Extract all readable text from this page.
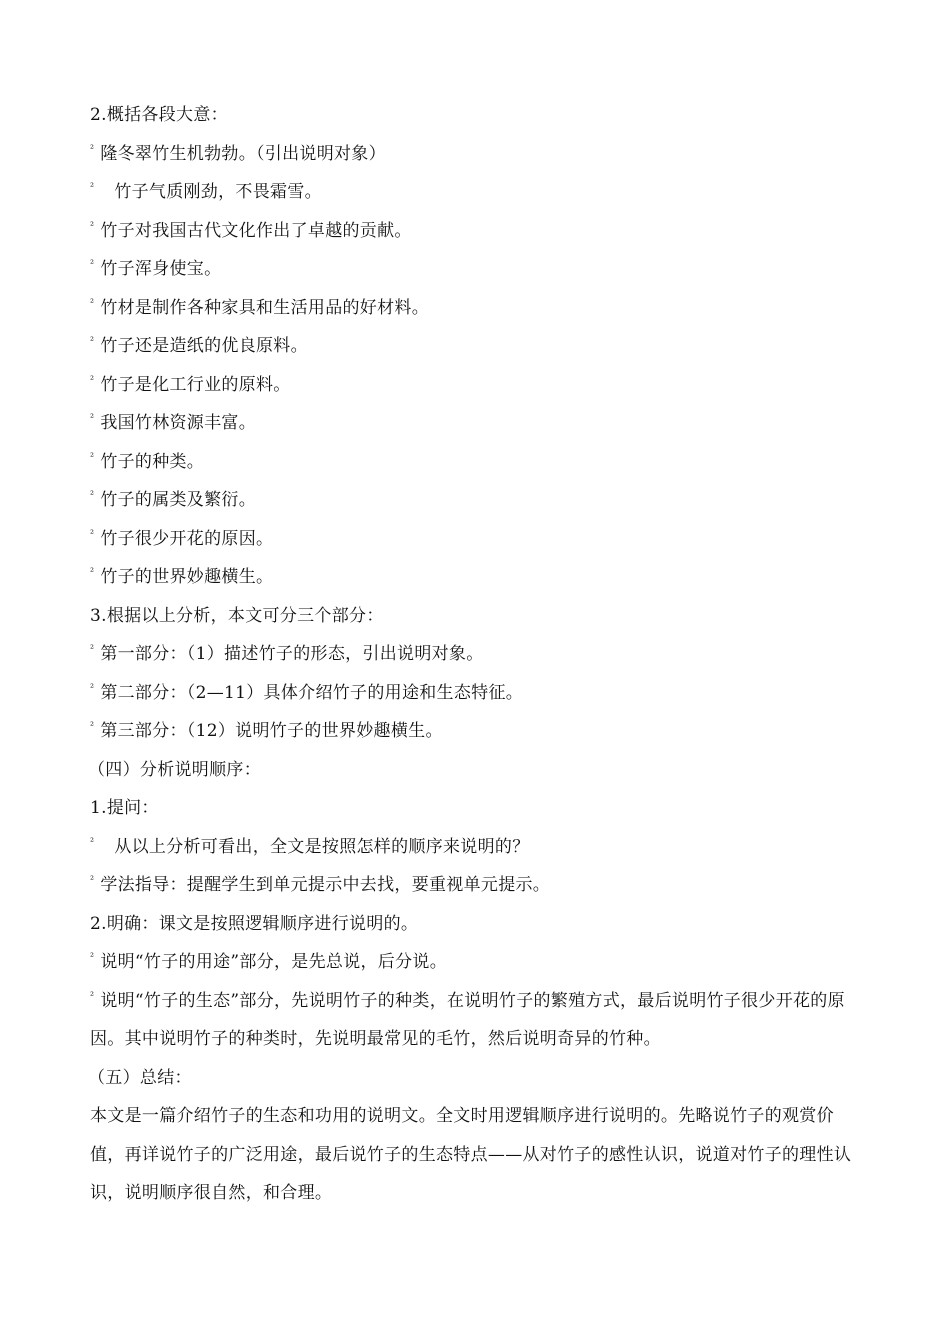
2.概括各段大意：
² 隆冬翠竹生机勃勃。（引出说明对象）
² 竹子气质刚劲，不畏霜雪。
² 竹子对我国古代文化作出了卓越的贡献。
² 竹子浑身使宝。
² 竹材是制作各种家具和生活用品的好材料。
² 竹子还是造纸的优良原料。
² 竹子是化工行业的原料。
² 我国竹林资源丰富。
² 竹子的种类。
² 竹子的属类及繁衍。
² 竹子很少开花的原因。
² 竹子的世界妙趣横生。
3.根据以上分析，本文可分三个部分：
² 第一部分：（1）描述竹子的形态，引出说明对象。
² 第二部分：（2—11）具体介绍竹子的用途和生态特征。
² 第三部分：（12）说明竹子的世界妙趣横生。
（四）分析说明顺序：
1.提问：
² 从以上分析可看出，全文是按照怎样的顺序来说明的？
² 学法指导：提醒学生到单元提示中去找，要重视单元提示。
2.明确：课文是按照逻辑顺序进行说明的。
² 说明“竹子的用途”部分，是先总说，后分说。
² 说明“竹子的生态”部分，先说明竹子的种类，在说明竹子的繁殖方式，最后说明竹子很少开花的原因。其中说明竹子的种类时，先说明最常见的毛竹，然后说明奇异的竹种。
（五）总结：
本文是一篇介绍竹子的生态和功用的说明文。全文时用逻辑顺序进行说明的。先略说竹子的观赏价值，再详说竹子的广泛用途，最后说竹子的生态特点——从对竹子的感性认识，说道对竹子的理性认识，说明顺序很自然，和合理。
